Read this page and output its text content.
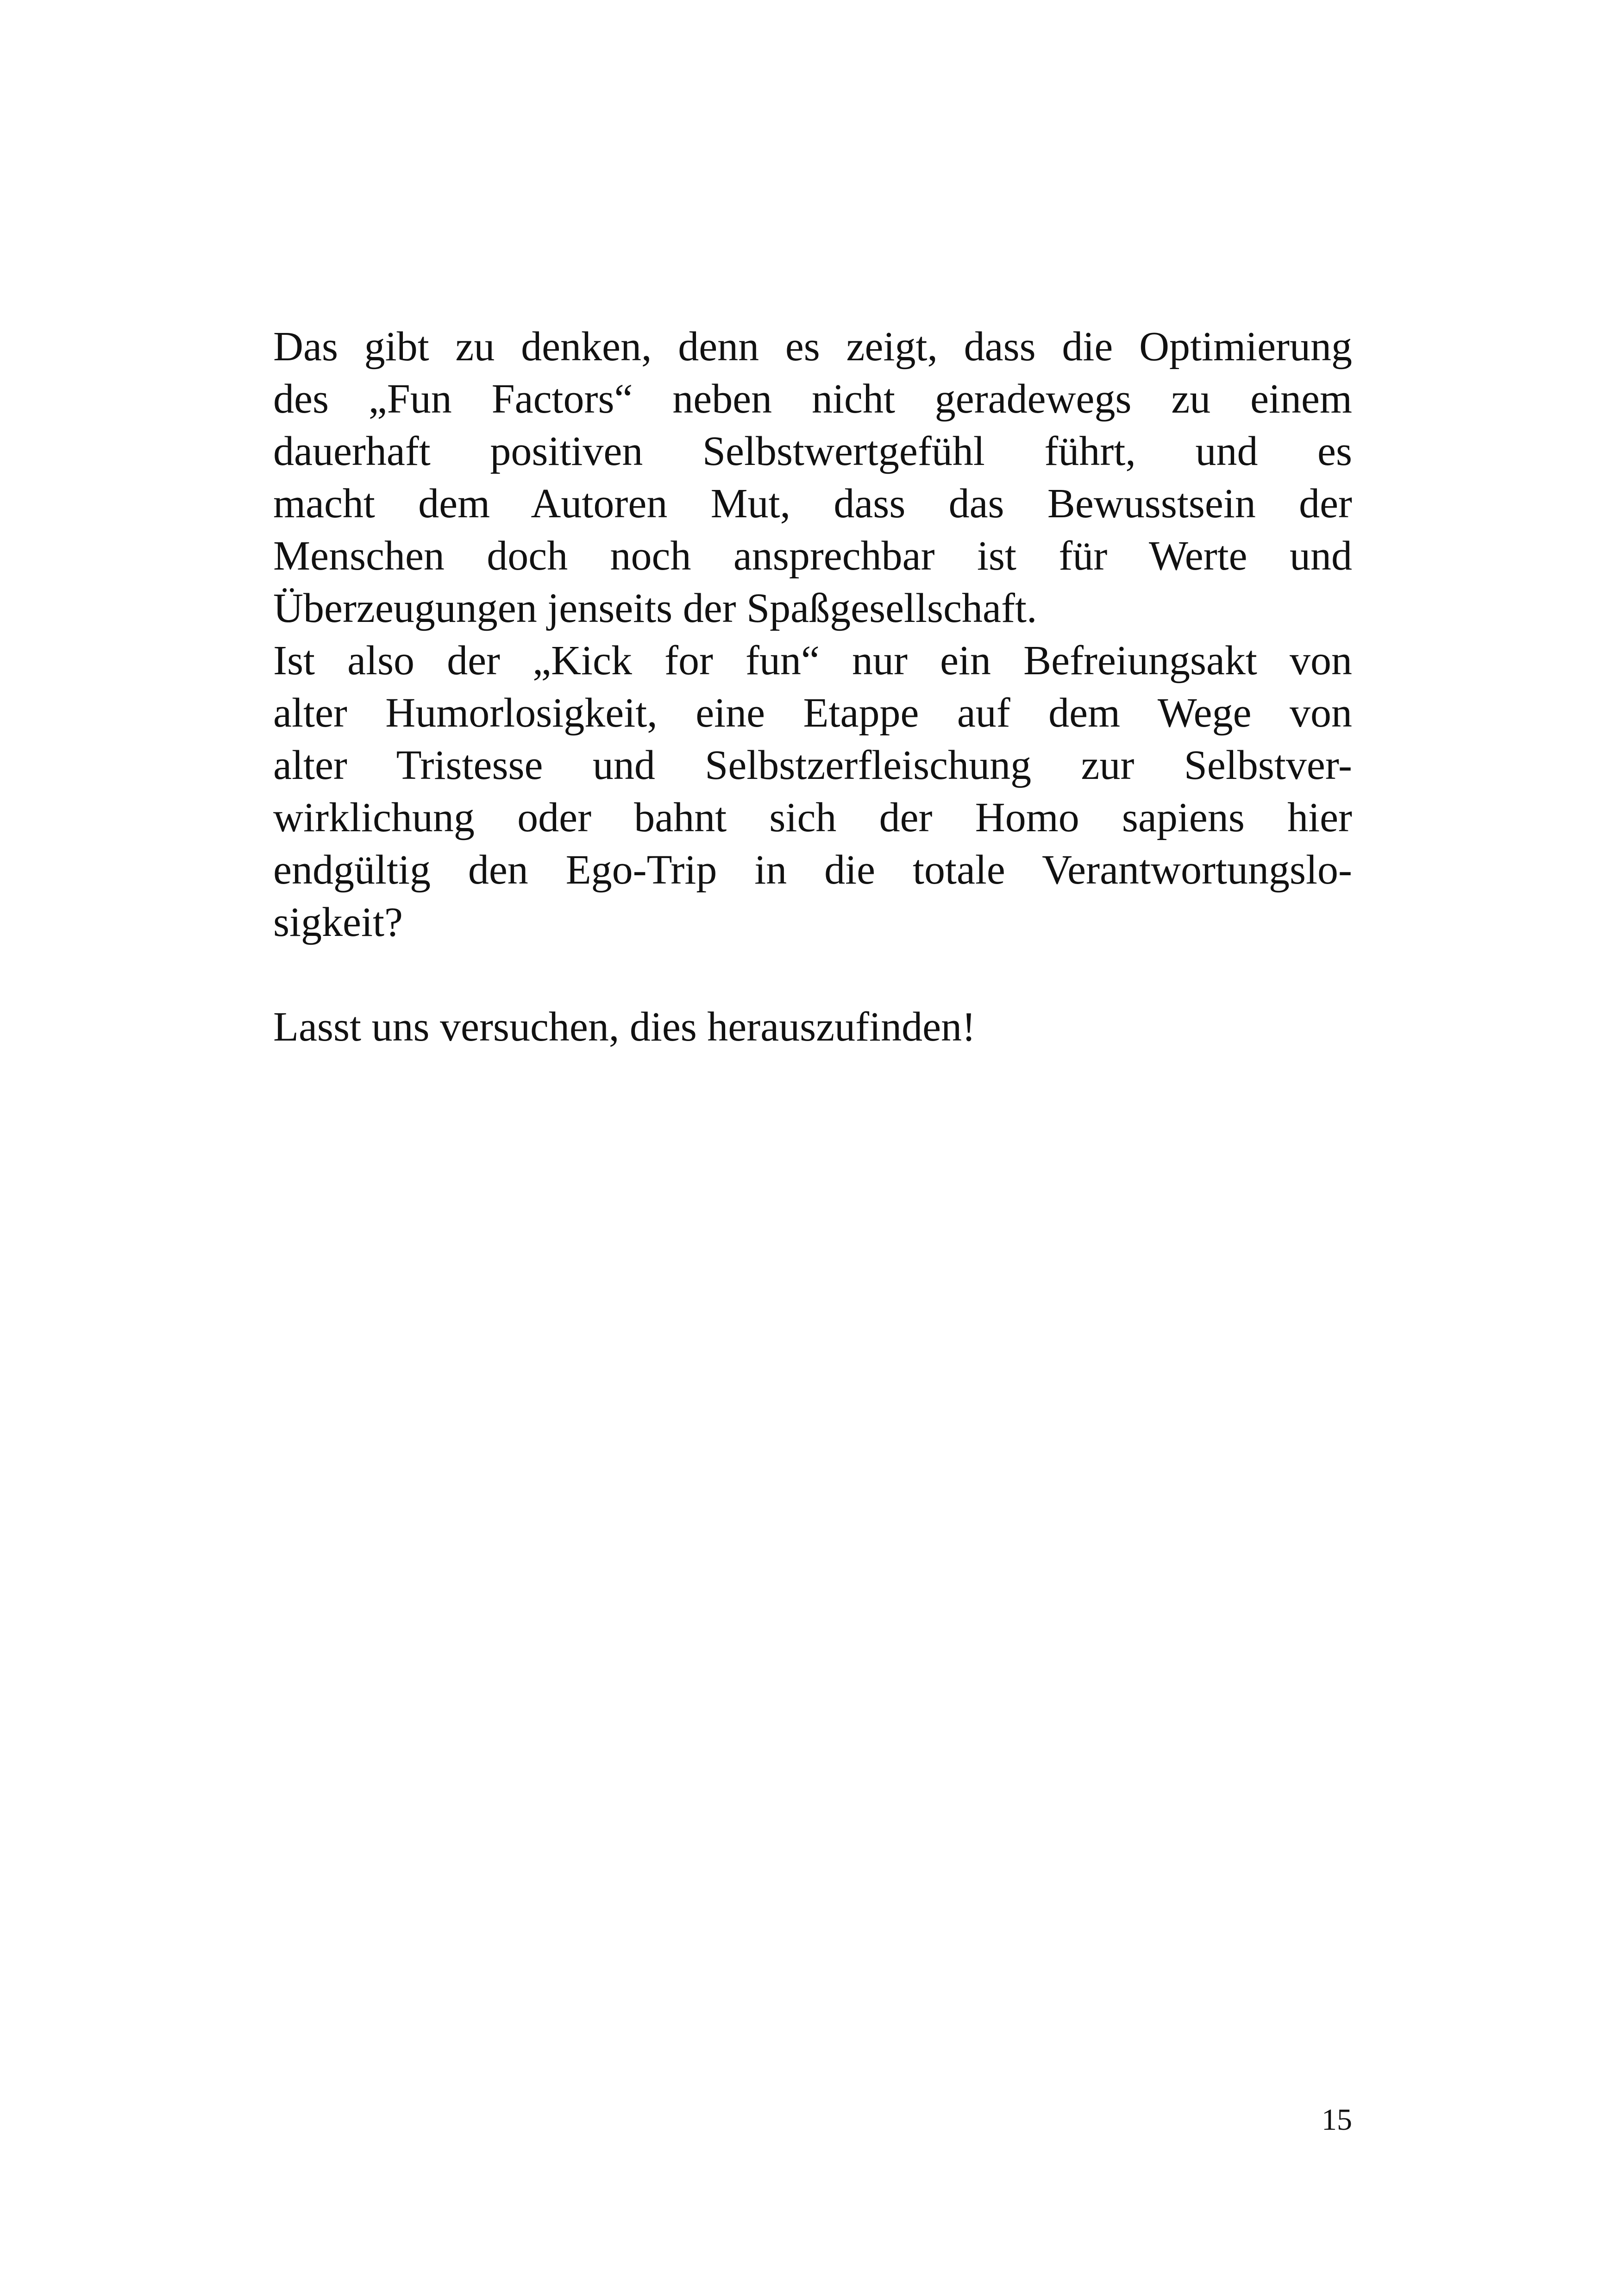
Das gibt zu denken, denn es zeigt, dass die Optimierung
des „Fun Factors“ neben nicht geradewegs zu einem
dauerhaft positiven Selbstwertgefühl führt, und es
macht dem Autoren Mut, dass das Bewusstsein der
Menschen doch noch ansprechbar ist für Werte und
Überzeugungen jenseits der Spaßgesellschaft.
Ist also der „Kick for fun“ nur ein Befreiungsakt von
alter Humorlosigkeit, eine Etappe auf dem Wege von
alter Tristesse und Selbstzerfleischung zur Selbstver-
wirklichung oder bahnt sich der Homo sapiens hier
endgültig den Ego-Trip in die totale Verantwortungslo-
sigkeit?
Lasst uns versuchen, dies herauszufinden!
15
